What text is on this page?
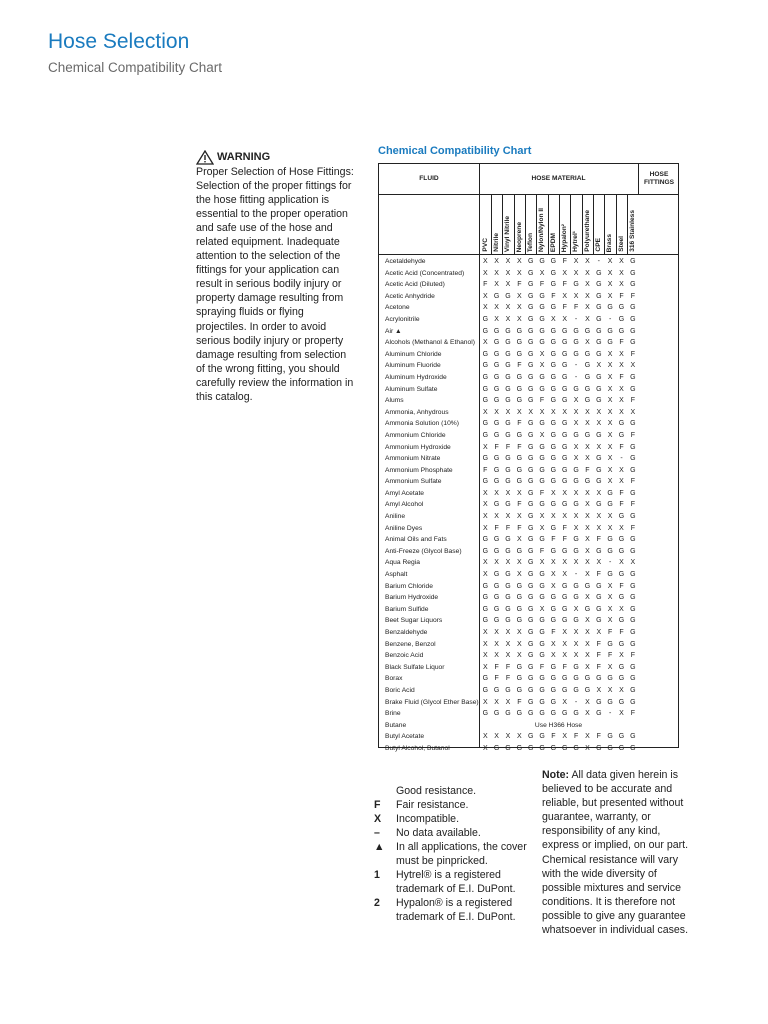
Hose Selection
Chemical Compatibility Chart
WARNING
Proper Selection of Hose Fittings: Selection of the proper fittings for the hose fitting application is essential to the proper operation and safe use of the hose and related equipment. Inadequate attention to the selection of the fittings for your application can result in serious bodily injury or property damage resulting from spraying fluids or flying projectiles. In order to avoid serious bodily injury or property damage resulting from selection of the wrong fitting, you should carefully review the information in this catalog.
Chemical Compatibility Chart
FLUID	HOSE MATERIAL
HOSE FITTINGS
PVC Nitrile Vinyl Nitrile Neoprene Teflon Nylon/Nylon II EPDM Hypalon² Hytrel¹ Polyurethane CPE Brass Steel 316 Stainless
Acetaldehyde	X X X X G G G F X X	-	X X G
Acetic Acid (Concentrated)	X X X X G X G X X X G X X G
Acetic Acid (Diluted)	F X X F G F G F G X G X X G
Acetic Anhydride	X G G X G G F X X X G X F	F
Acetone	X X X X G G G F	F X G G G G
Acrylonitrile	G X X X G G X X	-	X G	-	G G
Air ▲	G G G G G G G G G G G G G G
Alcohols (Methanol & Ethanol)	X G G G G G G G G X G G F G
Aluminum Chloride	G G G G G X G G G G G X X F
Aluminum Fluoride	G G G F G X G G	-	G X X X X
Aluminum Hydroxide	G G G G G G G G	-	G G X F G
Aluminum Sulfate	G G G G G G G G G G G X X G
Alums	G G G G G F G G X G G X X F
Ammonia, Anhydrous	X X X X X X X X X X X X X X
Ammonia Solution (10%)	G G G F G G G G X X X X G G
Ammonium Chloride	G G G G G X G G G G G X G F
Ammonium Hydroxide	X F	F	F G G G G X X X X F G
Ammonium Nitrate	G G G G G G G G X X G X	-	G
Ammonium Phosphate	F G G G G G G G G F G X X G
Ammonium Sulfate	G G G G G G G G G G G X X F
Amyl Acetate	X X X X G F X X X X X G F G
Amyl Alcohol	X G G F G G G G G X G G F	F
Aniline	X X X X G X X X X X X X G G
Aniline Dyes	X F	F	F G X G F X X X X X F
Animal Oils and Fats	G G G X G G F	F G X F G G G
Anti-Freeze (Glycol Base)	G G G G G F G G G X G G G G
Aqua Regia	X X X X G X X X X X X	-	X X
Asphalt	X G G X G G X X	-	X F G G G
Barium Chloride	G G G G G G X G G G G X F G
Barium Hydroxide	G G G G G G G G G X G X G G
Barium Sulfide	G G G G G X G G X G G X X G
Beet Sugar Liquors	G G G G G G G G G X G X G G
Benzaldehyde	X X X X G G F X X X X F	F G
Benzene, Benzol	X X X X G G X X X X F G G G
Benzoic Acid	X X X X G G X X X X F	F X F
Black Sulfate Liquor	X F	F G G F G F G X F X G G
Borax	G F	F G G G G G G G G G G G
Boric Acid	G G G G G G G G G G X X X G
Brake Fluid (Glycol Ether Base) X X X F G G G X	-	X G G G G
Brine	G G G G G G G G G X G	-	X F
Butane	Use H366 Hose
Butyl Acetate	X X X X G G F X F X F G G G
Butyl Alcohol, Butanol	X G G G G G G G G X G G G G
Good resistance.
F	Fair resistance.
X	Incompatible.
–	No data available.
▲	In all applications, the cover must be pinpricked.
1	Hytrel® is a registered trademark of E.I. DuPont.
2	Hypalon® is a registered trademark of E.I. DuPont.
Note: All data given herein is believed to be accurate and reliable, but presented without guarantee, warranty, or responsibility of any kind, express or implied, on our part. Chemical resistance will vary with the wide diversity of possible mixtures and service conditions. It is therefore not possible to give any guarantee whatsoever in individual cases.
